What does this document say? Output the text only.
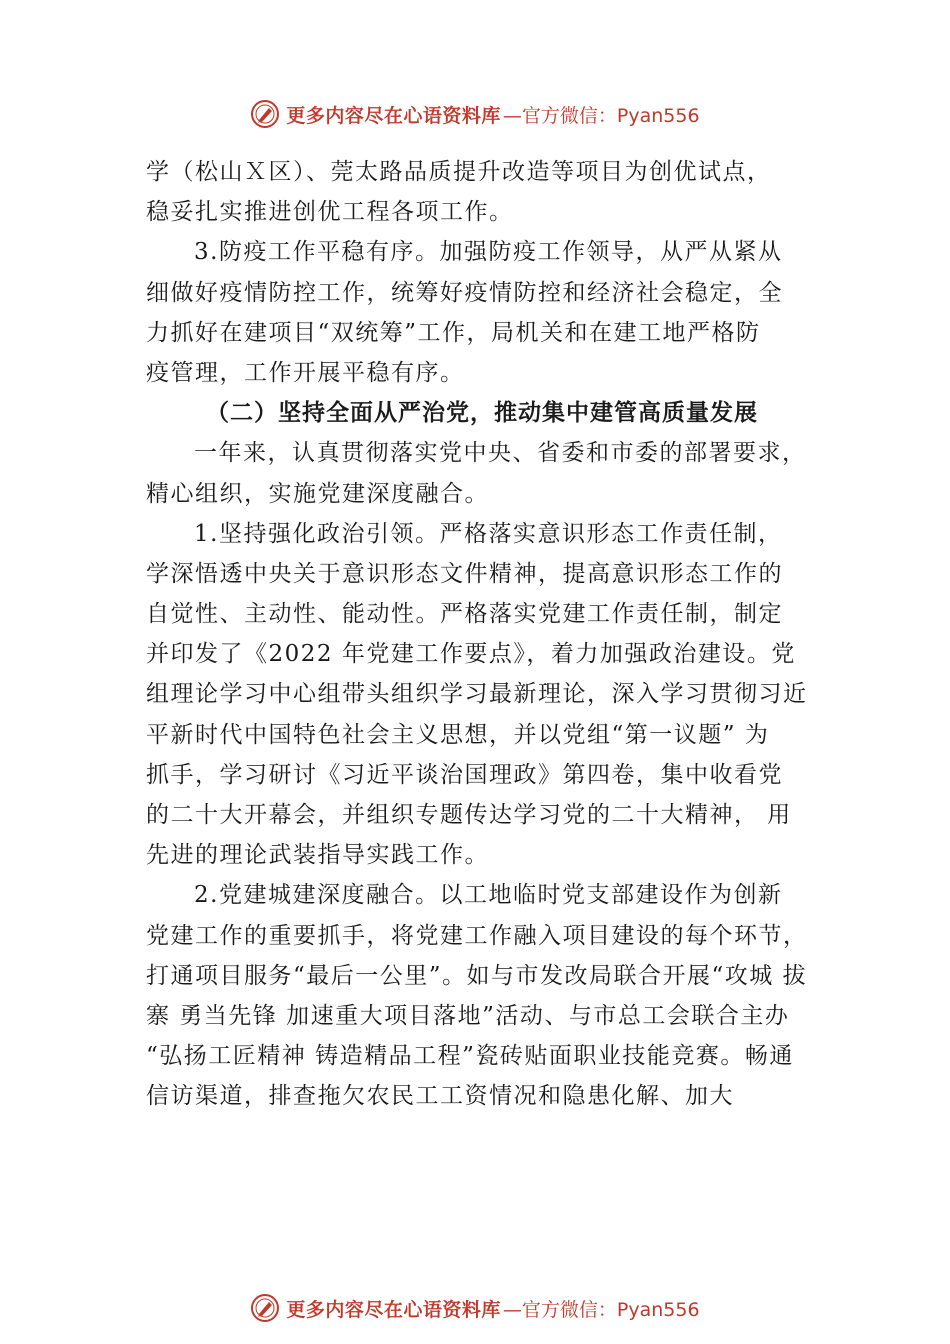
更多内容尽在心语资料库 —官方微信：Pyan556
学（松山Ｘ区）、莞太路品质提升改造等项目为创优试点，
稳妥扎实推进创优工程各项工作。
3.防疫工作平稳有序。加强防疫工作领导，从严从紧从
细做好疫情防控工作，统筹好疫情防控和经济社会稳定，全
力抓好在建项目“双统筹”工作，局机关和在建工地严格防
疫管理，工作开展平稳有序。
（二）坚持全面从严治党，推动集中建管高质量发展
一年来，认真贯彻落实党中央、省委和市委的部署要求，
精心组织，实施党建深度融合。
1.坚持强化政治引领。严格落实意识形态工作责任制，
学深悟透中央关于意识形态文件精神，提高意识形态工作的
自觉性、主动性、能动性。严格落实党建工作责任制，制定
并印发了《2022 年党建工作要点》，着力加强政治建设。党
组理论学习中心组带头组织学习最新理论，深入学习贯彻习近
平新时代中国特色社会主义思想，并以党组“第一议题” 为
抓手，学习研讨《习近平谈治国理政》第四卷，集中收看党
的二十大开幕会，并组织专题传达学习党的二十大精神， 用
先进的理论武装指导实践工作。
2.党建城建深度融合。以工地临时党支部建设作为创新
党建工作的重要抓手，将党建工作融入项目建设的每个环节，
打通项目服务“最后一公里”。如与市发改局联合开展“攻城 拔
寨 勇当先锋 加速重大项目落地”活动、与市总工会联合主办
“弘扬工匠精神 铸造精品工程”瓷砖贴面职业技能竞赛。畅通
信访渠道，排查拖欠农民工工资情况和隐患化解、加大
更多内容尽在心语资料库 —官方微信：Pyan556
